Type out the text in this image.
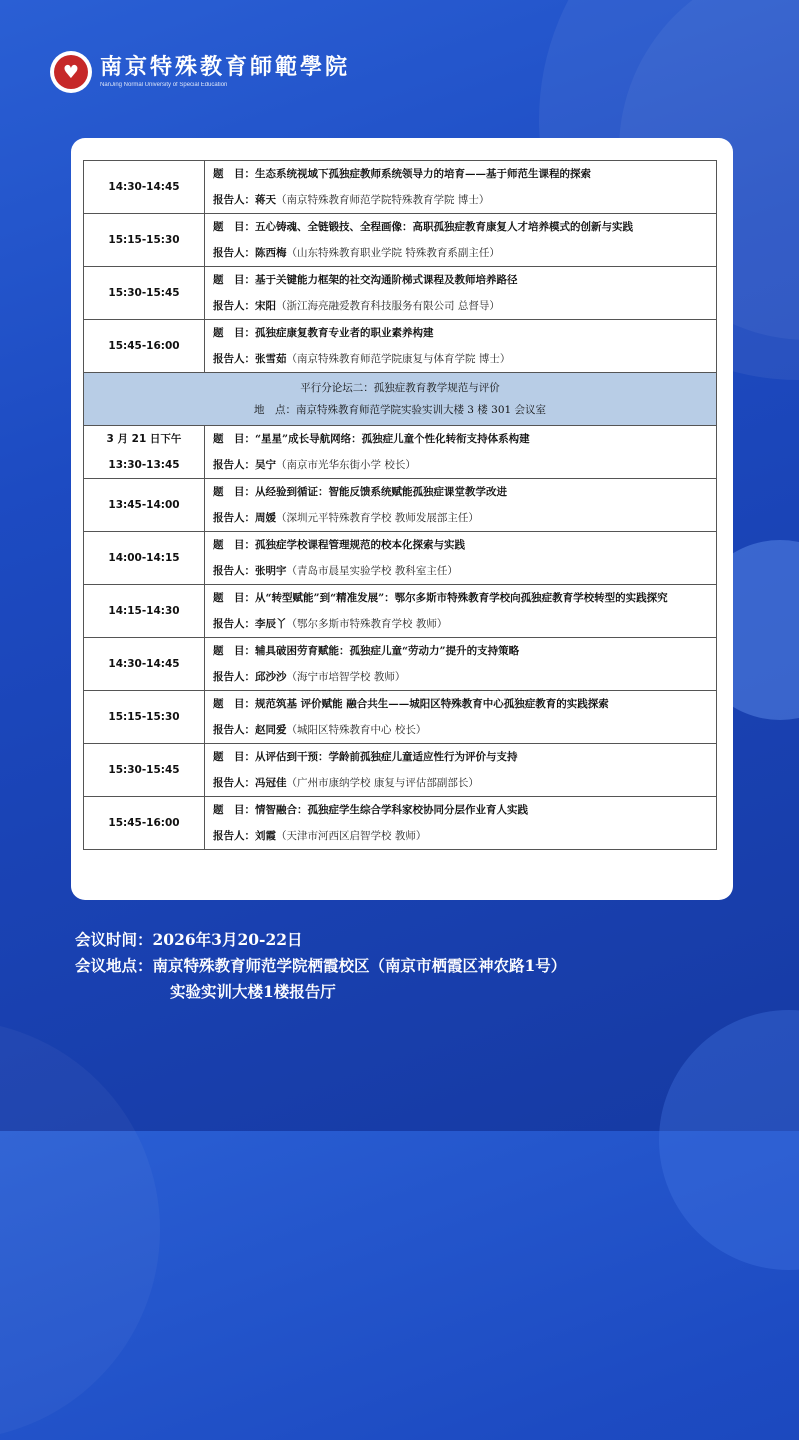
♥ 南京特殊教育師範學院
NanJing Normal University of Special Education
14:30-14:45	题　目：生态系统视域下孤独症教师系统领导力的培育——基于师范生课程的探索
报告人：蒋天（南京特殊教育师范学院特殊教育学院 博士）

15:15-15:30	题　目：五心铸魂、全链锻技、全程画像：高职孤独症教育康复人才培养模式的创新与实践
报告人：陈西梅（山东特殊教育职业学院 特殊教育系副主任）

15:30-15:45	题　目：基于关键能力框架的社交沟通阶梯式课程及教师培养路径
报告人：宋阳（浙江海亮融爱教育科技服务有限公司 总督导）

15:45-16:00	题　目：孤独症康复教育专业者的职业素养构建
报告人：张雪茹（南京特殊教育师范学院康复与体育学院 博士）

平行分论坛二：孤独症教育教学规范与评价
地　点：南京特殊教育师范学院实验实训大楼 3 楼 301 会议室	

3 月 21 日下午
13:30-13:45	题　目：“星星”成长导航网络：孤独症儿童个性化转衔支持体系构建
报告人：吴宁（南京市光华东街小学 校长）

13:45-14:00	题　目：从经验到循证：智能反馈系统赋能孤独症课堂教学改进
报告人：周媛（深圳元平特殊教育学校 教师发展部主任）

14:00-14:15	题　目：孤独症学校课程管理规范的校本化探索与实践
报告人：张明宇（青岛市晨星实验学校 教科室主任）

14:15-14:30	题　目：从“转型赋能”到“精准发展”：鄂尔多斯市特殊教育学校向孤独症教育学校转型的实践探究
报告人：李辰丫（鄂尔多斯市特殊教育学校 教师）

14:30-14:45	题　目：辅具破困劳育赋能：孤独症儿童“劳动力”提升的支持策略
报告人：邱沙沙（海宁市培智学校 教师）

15:15-15:30	题　目：规范筑基 评价赋能 融合共生——城阳区特殊教育中心孤独症教育的实践探索
报告人：赵同爱（城阳区特殊教育中心 校长）

15:30-15:45	题　目：从评估到干预：学龄前孤独症儿童适应性行为评价与支持
报告人：冯冠佳（广州市康纳学校 康复与评估部副部长）

15:45-16:00	题　目：情智融合：孤独症学生综合学科家校协同分层作业育人实践
报告人：刘霞（天津市河西区启智学校 教师）
会议时间：2026年3月20-22日
会议地点：南京特殊教育师范学院栖霞校区（南京市栖霞区神农路1号）
实验实训大楼1楼报告厅
